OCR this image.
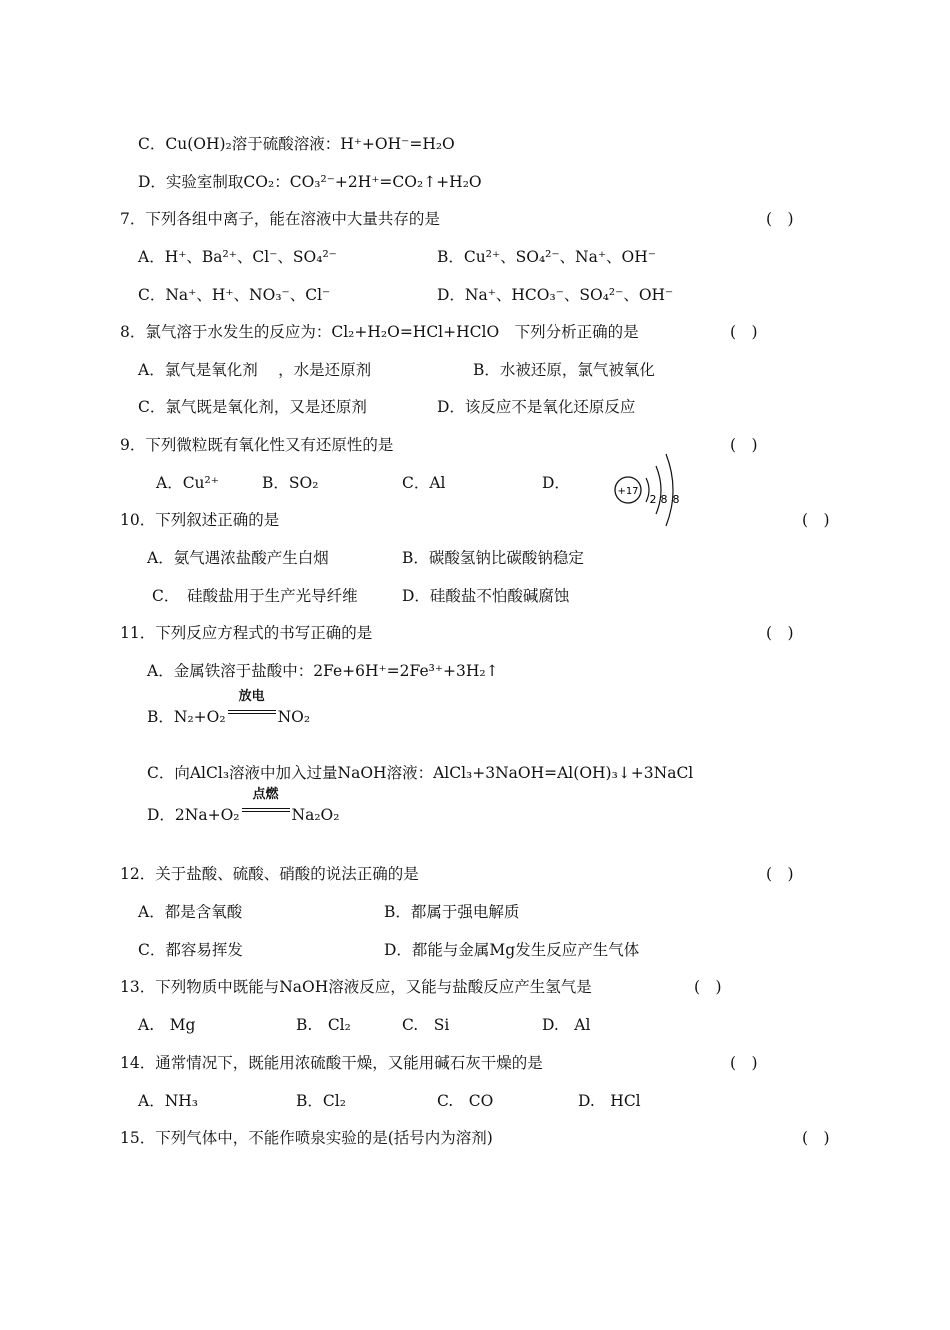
C．Cu(OH)₂溶于硫酸溶液：H⁺+OH⁻=H₂O
D．实验室制取CO₂：CO₃²⁻+2H⁺=CO₂↑+H₂O
7．下列各组中离子，能在溶液中大量共存的是	(　)
A．H⁺、Ba²⁺、Cl⁻、SO₄²⁻	B．Cu²⁺、SO₄²⁻、Na⁺、OH⁻
C．Na⁺、H⁺、NO₃⁻、Cl⁻	D．Na⁺、HCO₃⁻、SO₄²⁻、OH⁻
8．氯气溶于水发生的反应为：Cl₂+H₂O=HCl+HClO　下列分析正确的是	(　)
A．氯气是氧化剂　 ，水是还原剂	B．水被还原，氯气被氧化
C．氯气既是氧化剂，又是还原剂	D．该反应不是氧化还原反应
9．下列微粒既有氧化性又有还原性的是	(　)
A．Cu²⁺	B．SO₂	C．Al	D．	+17
2 8 8
10．下列叙述正确的是	(　)
A．氨气遇浓盐酸产生白烟	B．碳酸氢钠比碳酸钠稳定
C．　硅酸盐用于生产光导纤维	D．硅酸盐不怕酸碱腐蚀
11．下列反应方程式的书写正确的是	(　)
A．金属铁溶于盐酸中：2Fe+6H⁺=2Fe³⁺+3H₂↑
B．N₂+O₂
放电
NO₂
C．向AlCl₃溶液中加入过量NaOH溶液：AlCl₃+3NaOH=Al(OH)₃↓+3NaCl
D．2Na+O₂
点燃
Na₂O₂
12．关于盐酸、硫酸、硝酸的说法正确的是	(　)
A．都是含氧酸	B．都属于强电解质
C．都容易挥发	D．都能与金属Mg发生反应产生气体
13．下列物质中既能与NaOH溶液反应，又能与盐酸反应产生氢气是	(　)
A.　Mg	B.　Cl₂	C.　Si	D.　Al
14．通常情况下，既能用浓硫酸干燥，又能用碱石灰干燥的是	(　)
A．NH₃	B．Cl₂	C.　CO	D.　HCl
15．下列气体中，不能作喷泉实验的是(括号内为溶剂)	(　)
